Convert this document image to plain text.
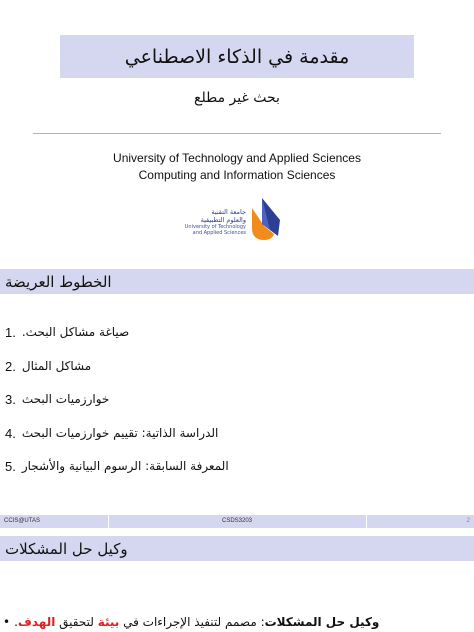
مقدمة في الذكاء الاصطناعي
بحث غير مطلع
University of Technology and Applied Sciences
Computing and Information Sciences
جامعة التقنية
والعلوم التطبيقية
University of Technology
and Applied Sciences
الخطوط العريضة
1. صياغة مشاكل البحث.
2. مشاكل المثال
3. خوارزميات البحث
4. الدراسة الذاتية: تقييم خوارزميات البحث
5. المعرفة السابقة: الرسوم البيانية والأشجار
CCIS@UTAS	CSDS3203	2
وكيل حل المشكلات
•	وكيل حل المشكلات: مصمم لتنفيذ الإجراءات في بيئة لتحقيق الهدف.
